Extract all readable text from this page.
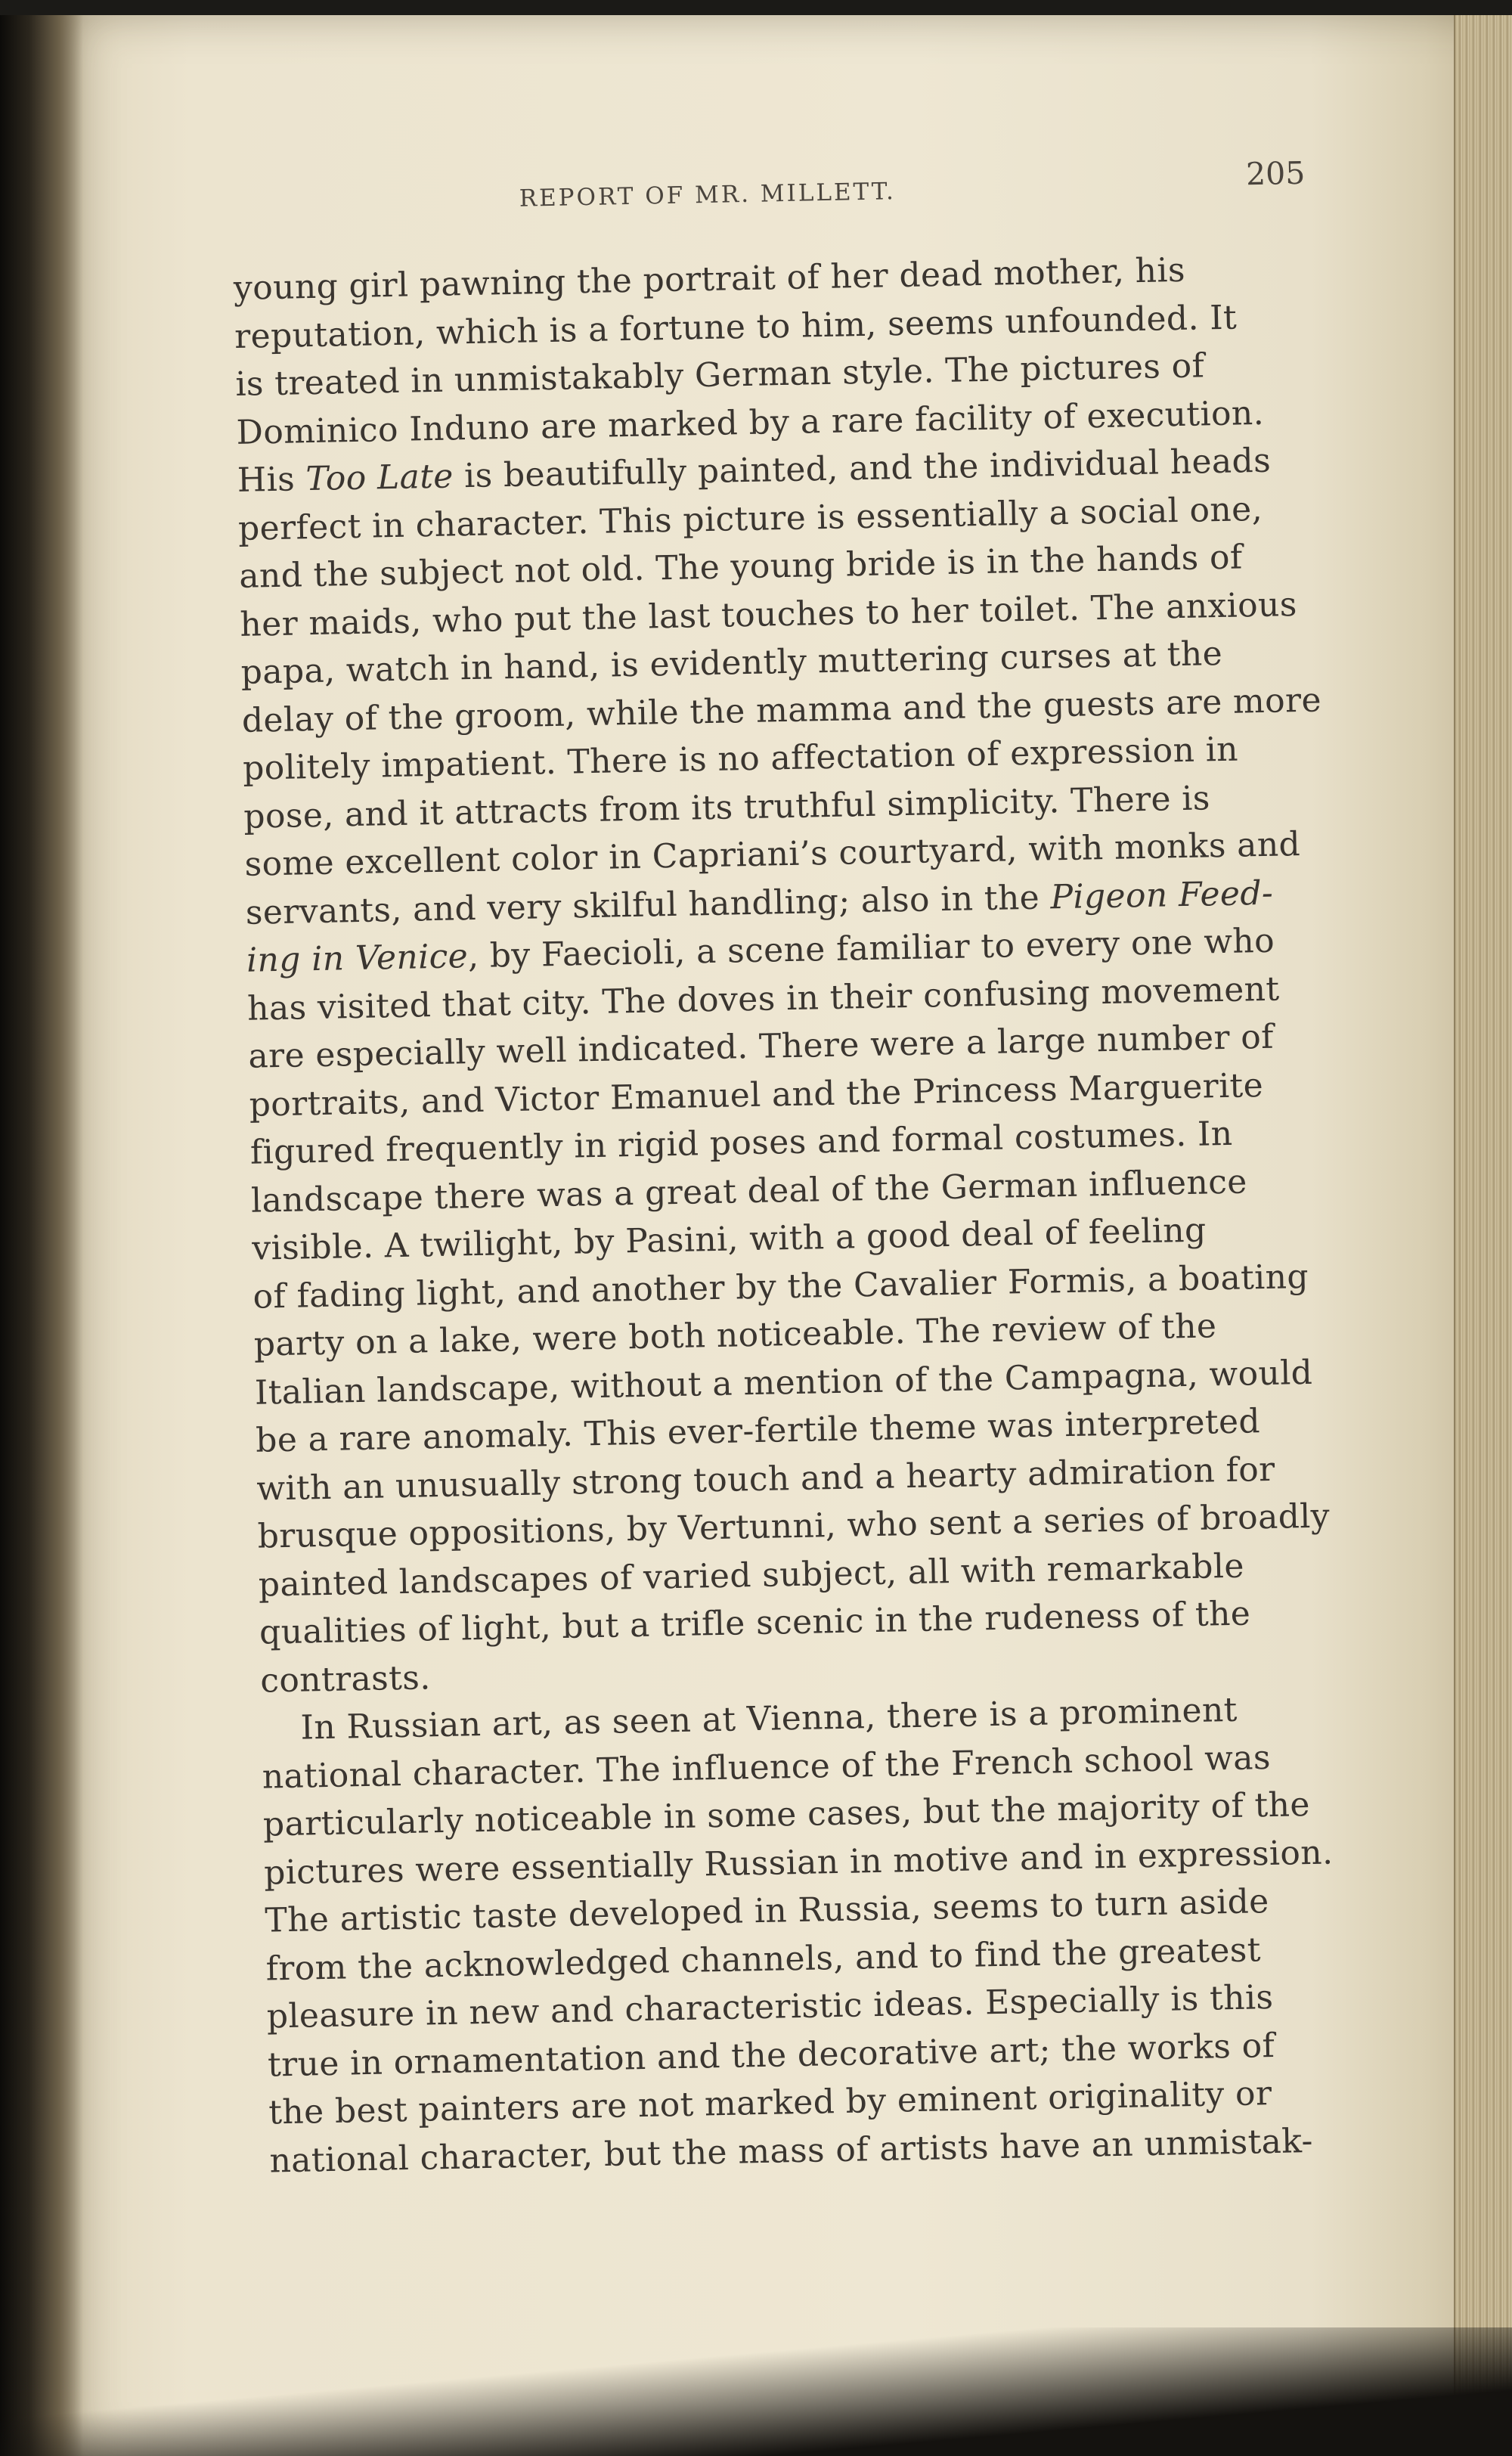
REPORT OF MR. MILLETT.
205
young girl pawning the portrait of her dead mother, his
reputation, which is a fortune to him, seems unfounded. It
is treated in unmistakably German style. The pictures of
Dominico Induno are marked by a rare facility of execution.
His Too Late is beautifully painted, and the individual heads
perfect in character. This picture is essentially a social one,
and the subject not old. The young bride is in the hands of
her maids, who put the last touches to her toilet. The anxious
papa, watch in hand, is evidently muttering curses at the
delay of the groom, while the mamma and the guests are more
politely impatient. There is no affectation of expression in
pose, and it attracts from its truthful simplicity. There is
some excellent color in Capriani’s courtyard, with monks and
servants, and very skilful handling; also in the Pigeon Feed-
ing in Venice, by Faecioli, a scene familiar to every one who
has visited that city. The doves in their confusing movement
are especially well indicated. There were a large number of
portraits, and Victor Emanuel and the Princess Marguerite
figured frequently in rigid poses and formal costumes. In
landscape there was a great deal of the German influence
visible. A twilight, by Pasini, with a good deal of feeling
of fading light, and another by the Cavalier Formis, a boating
party on a lake, were both noticeable. The review of the
Italian landscape, without a mention of the Campagna, would
be a rare anomaly. This ever-fertile theme was interpreted
with an unusually strong touch and a hearty admiration for
brusque oppositions, by Vertunni, who sent a series of broadly
painted landscapes of varied subject, all with remarkable
qualities of light, but a trifle scenic in the rudeness of the
contrasts.
In Russian art, as seen at Vienna, there is a prominent
national character. The influence of the French school was
particularly noticeable in some cases, but the majority of the
pictures were essentially Russian in motive and in expression.
The artistic taste developed in Russia, seems to turn aside
from the acknowledged channels, and to find the greatest
pleasure in new and characteristic ideas. Especially is this
true in ornamentation and the decorative art; the works of
the best painters are not marked by eminent originality or
national character, but the mass of artists have an unmistak-
